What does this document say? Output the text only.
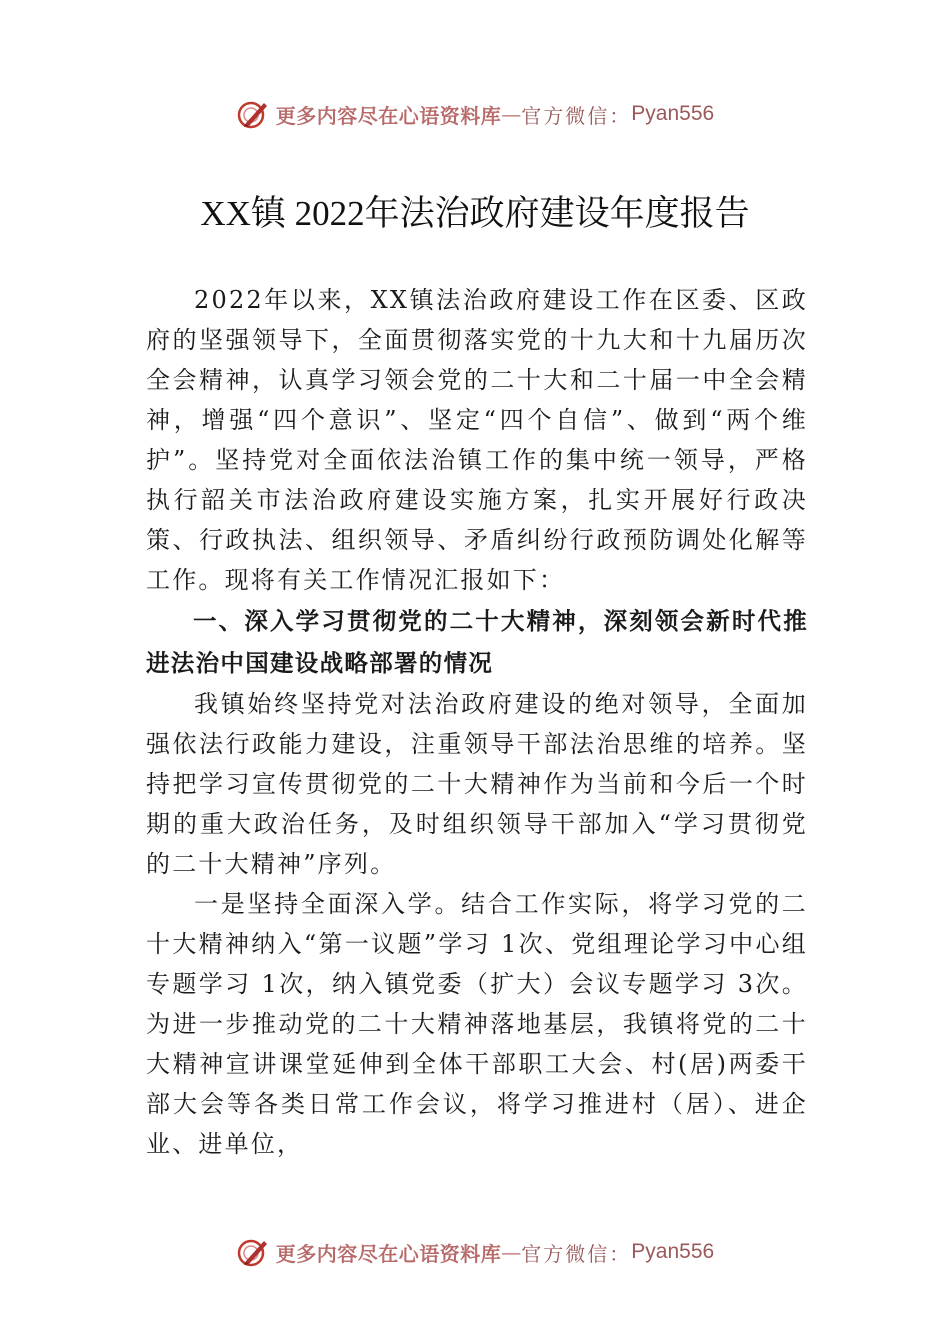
更多内容尽在心语资料库 — 官方微信： Pyan556
XX镇 2022年法治政府建设年度报告

2022年以来，XX镇法治政府建设工作在区委、区政府的坚强领导下，全面贯彻落实党的十九大和十九届历次全会精神，认真学习领会党的二十大和二十届一中全会精神，增强“四个意识”、坚定“四个自信”、做到“两个维护”。坚持党对全面依法治镇工作的集中统一领导，严格执行韶关市法治政府建设实施方案，扎实开展好行政决策、行政执法、组织领导、矛盾纠纷行政预防调处化解等工作。现将有关工作情况汇报如下：

一、深入学习贯彻党的二十大精神，深刻领会新时代推进法治中国建设战略部署的情况

我镇始终坚持党对法治政府建设的绝对领导，全面加强依法行政能力建设，注重领导干部法治思维的培养。坚持把学习宣传贯彻党的二十大精神作为当前和今后一个时期的重大政治任务，及时组织领导干部加入“学习贯彻党的二十大精神”序列。

一是坚持全面深入学。结合工作实际，将学习党的二十大精神纳入“第一议题”学习 1次、党组理论学习中心组专题学习 1次，纳入镇党委（扩大）会议专题学习 3次。为进一步推动党的二十大精神落地基层，我镇将党的二十大精神宣讲课堂延伸到全体干部职工大会、村(居)两委干部大会等各类日常工作会议，将学习推进村（居）、进企业、进单位，

更多内容尽在心语资料库 — 官方微信： Pyan556
